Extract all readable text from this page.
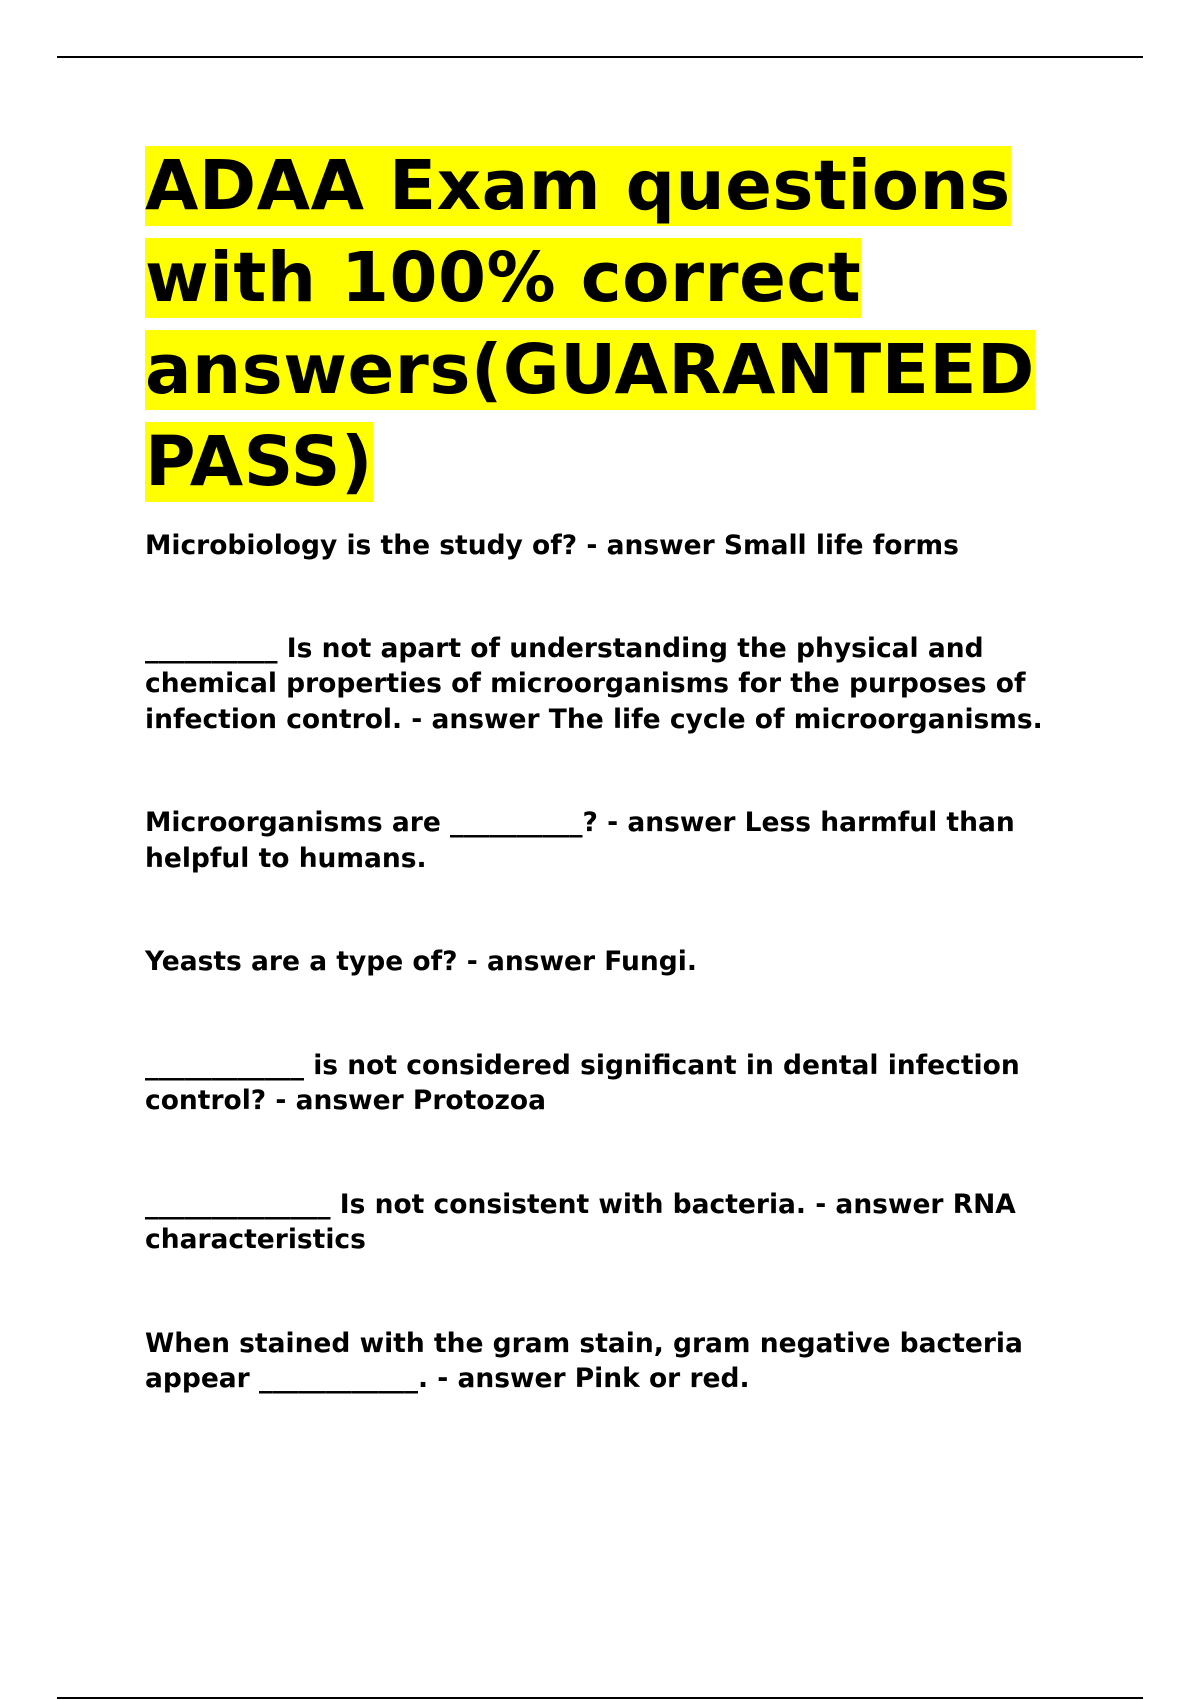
ADAA Exam questions with 100% correct answers(GUARANTEED PASS)
Microbiology is the study of? - answer Small life forms
__________ Is not apart of understanding the physical and chemical properties of microorganisms for the purposes of infection control. - answer The life cycle of microorganisms.
Microorganisms are __________? - answer Less harmful than helpful to humans.
Yeasts are a type of? - answer Fungi.
____________ is not considered significant in dental infection control? - answer Protozoa
______________ Is not consistent with bacteria. - answer RNA characteristics
When stained with the gram stain, gram negative bacteria appear ____________. - answer Pink or red.
